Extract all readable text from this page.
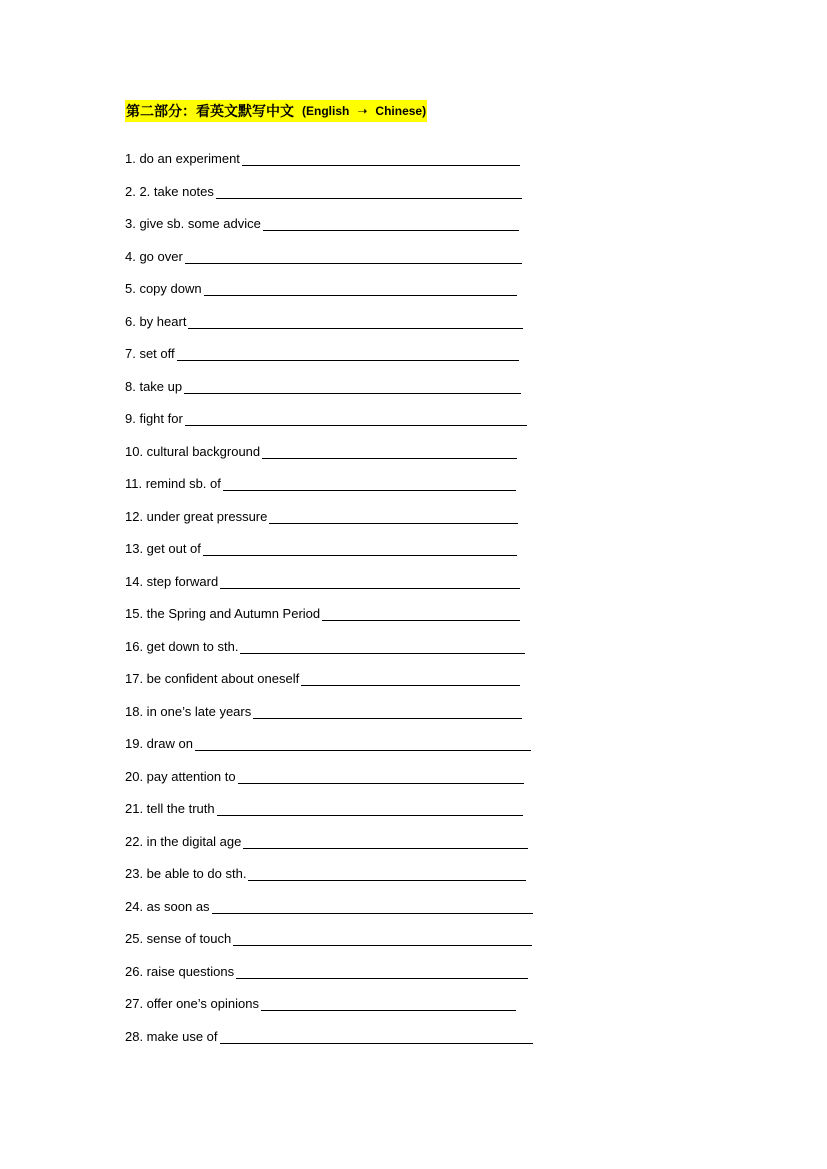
第二部分：看英文默写中文 ( English ➝ Chinese)
1. do an experiment
2. 2. take notes
3. give sb. some advice
4. go over
5. copy down
6. by heart
7. set off
8. take up
9. fight for
10. cultural background
11. remind sb. of
12. under great pressure
13. get out of
14. step forward
15. the Spring and Autumn Period
16. get down to sth.
17. be confident about oneself
18. in one’s late years
19. draw on
20. pay attention to
21. tell the truth
22. in the digital age
23. be able to do sth.
24. as soon as
25. sense of touch
26. raise questions
27. offer one’s opinions
28. make use of
